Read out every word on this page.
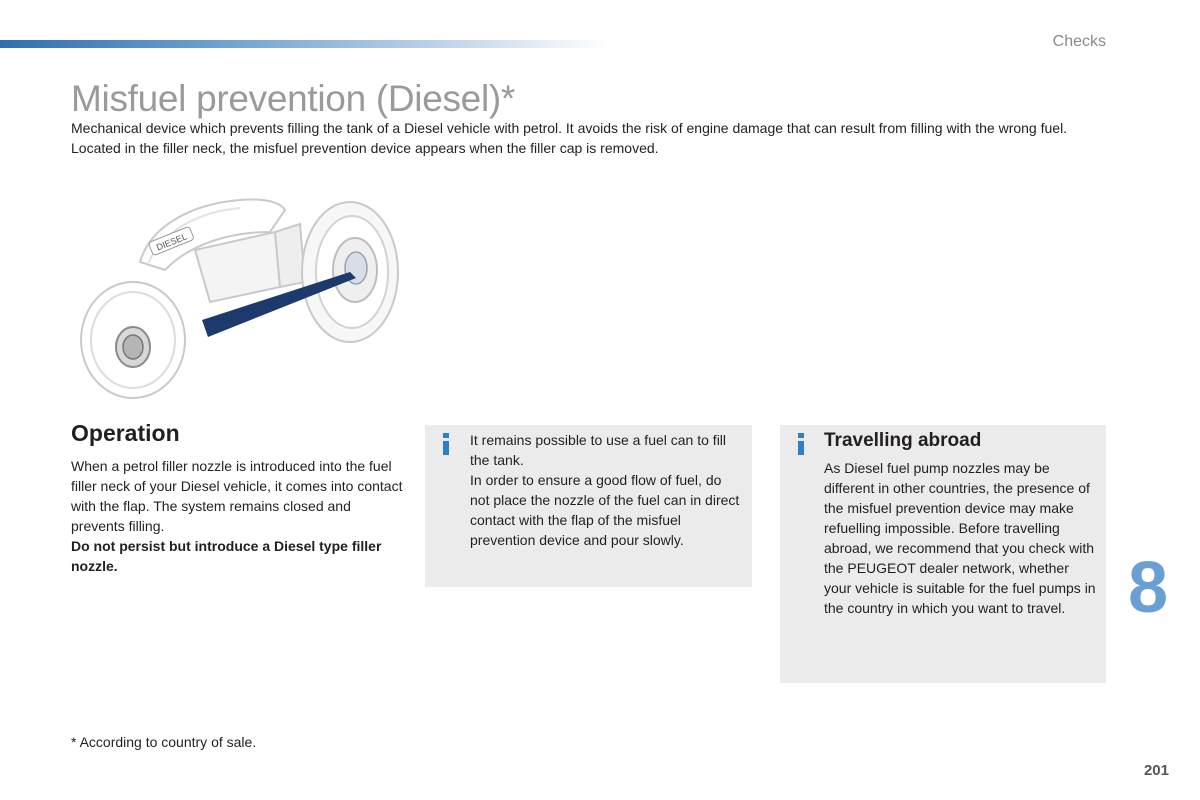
Checks
Misfuel prevention (Diesel)*

Mechanical device which prevents filling the tank of a Diesel vehicle with petrol. It avoids the risk of engine damage that can result from filling with the wrong fuel.

Located in the filler neck, the misfuel prevention device appears when the filler cap is removed.

DIESEL
Operation

When a petrol filler nozzle is introduced into the fuel filler neck of your Diesel vehicle, it comes into contact with the flap. The system remains closed and prevents filling.

Do not persist but introduce a Diesel type filler nozzle.

It remains possible to use a fuel can to fill the tank.

In order to ensure a good flow of fuel, do not place the nozzle of the fuel can in direct contact with the flap of the misfuel prevention device and pour slowly.

Travelling abroad

As Diesel fuel pump nozzles may be different in other countries, the presence of the misfuel prevention device may make refuelling impossible. Before travelling abroad, we recommend that you check with the PEUGEOT dealer network, whether your vehicle is suitable for the fuel pumps in the country in which you want to travel. 8
* According to country of sale.
201
